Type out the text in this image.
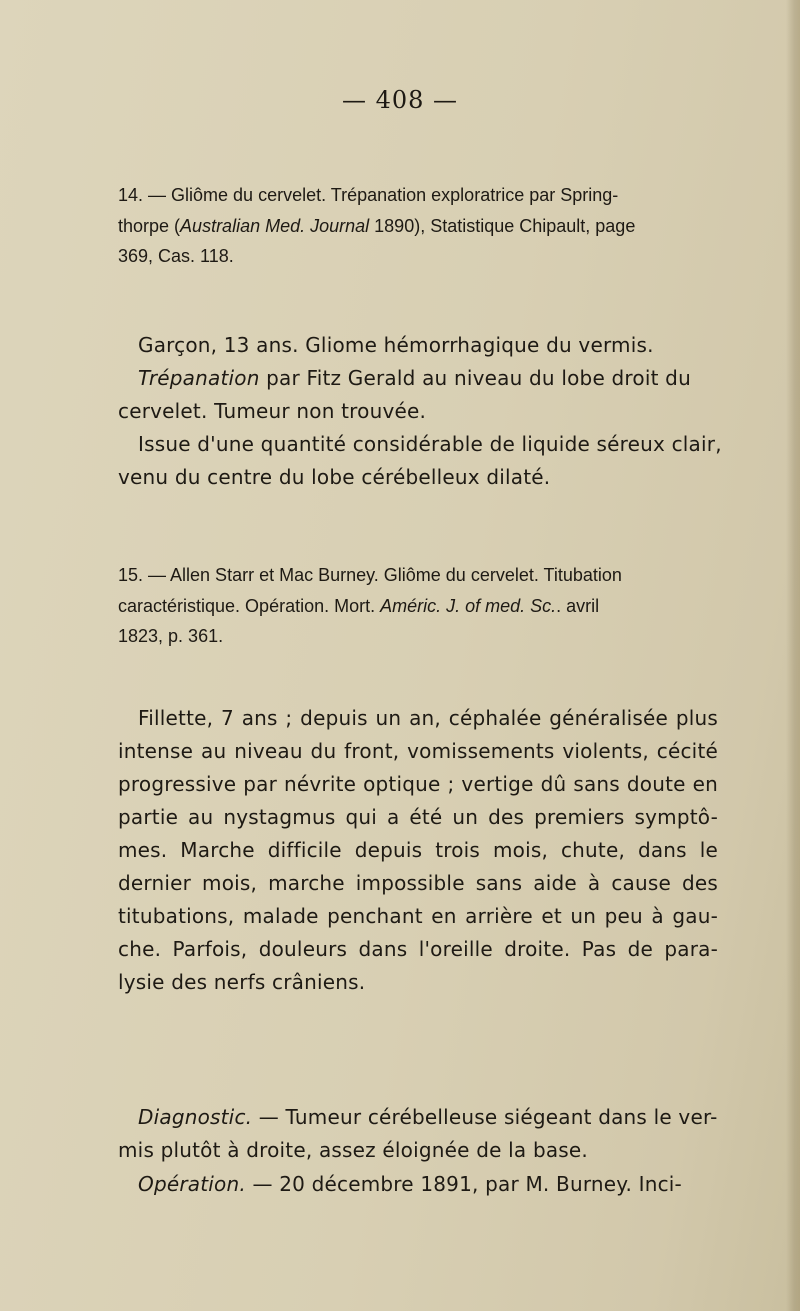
— 408 —
14. — Gliôme du cervelet. Trépanation exploratrice par Spring-
thorpe (Australian Med. Journal 1890), Statistique Chipault, page
369, Cas. 118.
Garçon, 13 ans. Gliome hémorrhagique du vermis.
Trépanation par Fitz Gerald au niveau du lobe droit du
cervelet. Tumeur non trouvée.
Issue d'une quantité considérable de liquide séreux clair,
venu du centre du lobe cérébelleux dilaté.
15. — Allen Starr et Mac Burney. Gliôme du cervelet. Titubation
caractéristique. Opération. Mort. Améric. J. of med. Sc.. avril
1823, p. 361.
Fillette, 7 ans ; depuis un an, céphalée généralisée plus
intense au niveau du front, vomissements violents, cécité
progressive par névrite optique ; vertige dû sans doute en
partie au nystagmus qui a été un des premiers symptô-
mes. Marche difficile depuis trois mois, chute, dans le
dernier mois, marche impossible sans aide à cause des
titubations, malade penchant en arrière et un peu à gau-
che. Parfois, douleurs dans l'oreille droite. Pas de para-
lysie des nerfs crâniens.
Diagnostic. — Tumeur cérébelleuse siégeant dans le ver-
mis plutôt à droite, assez éloignée de la base.
Opération. — 20 décembre 1891, par M. Burney. Inci-
